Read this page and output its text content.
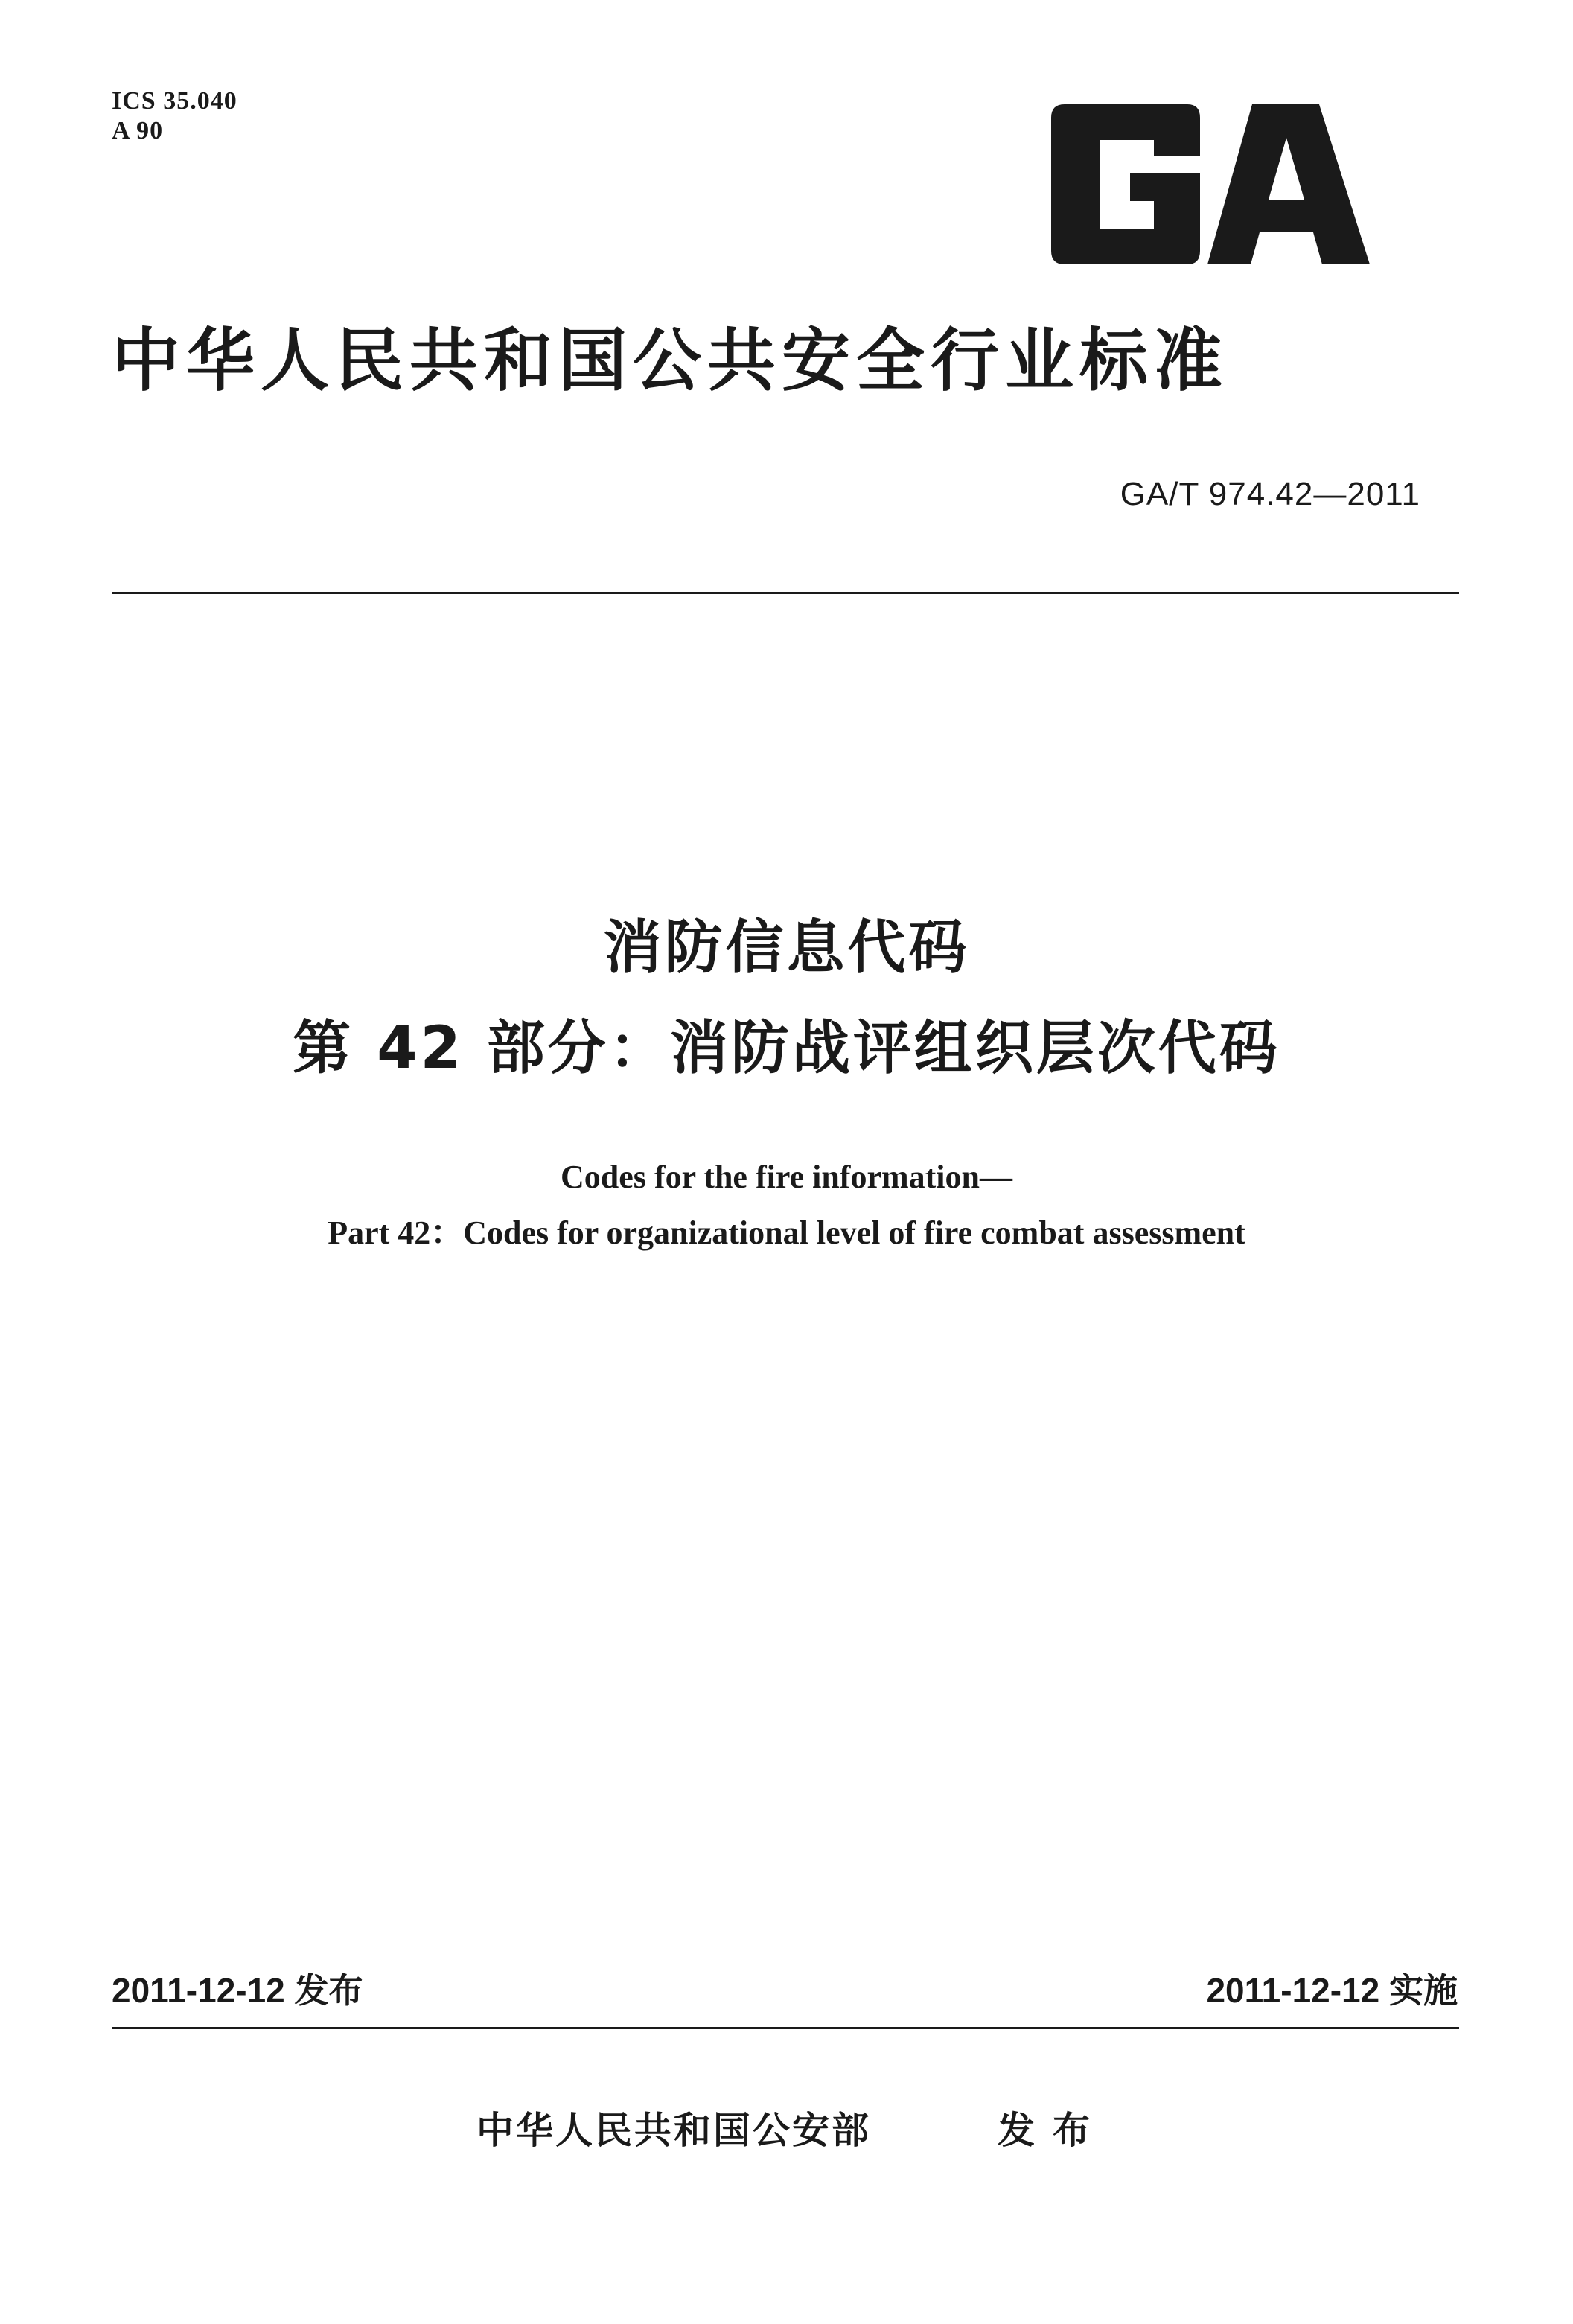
ICS 35.040
A 90
中华人民共和国公共安全行业标准
GA/T 974.42—2011
消防信息代码
第 42 部分：消防战评组织层次代码
Codes for the fire information—
Part 42：Codes for organizational level of fire combat assessment
2011-12-12 发布	2011-12-12 实施
中华人民共和国公安部	发布
